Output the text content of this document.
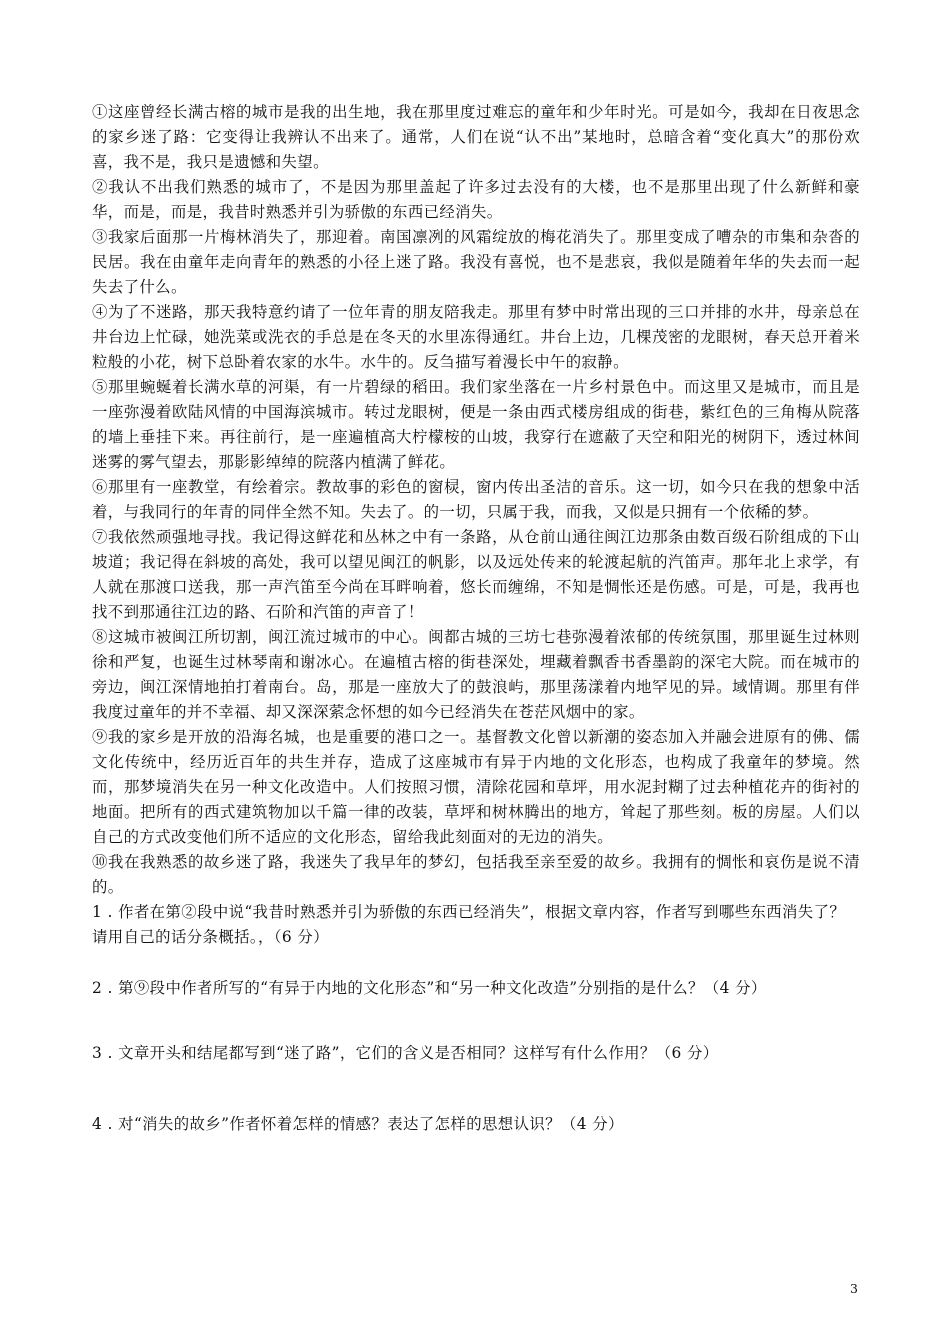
①这座曾经长满古榕的城市是我的出生地，我在那里度过难忘的童年和少年时光。可是如今，我却在日夜思念的家乡迷了路：它变得让我辨认不出来了。通常，人们在说“认不出”某地时，总暗含着“变化真大”的那份欢喜，我不是，我只是遗憾和失望。

②我认不出我们熟悉的城市了，不是因为那里盖起了许多过去没有的大楼，也不是那里出现了什么新鲜和豪华，而是，而是，我昔时熟悉并引为骄傲的东西已经消失。

③我家后面那一片梅林消失了，那迎着。南国凛冽的风霜绽放的梅花消失了。那里变成了嘈杂的市集和杂沓的民居。我在由童年走向青年的熟悉的小径上迷了路。我没有喜悦，也不是悲哀，我似是随着年华的失去而一起失去了什么。

④为了不迷路，那天我特意约请了一位年青的朋友陪我走。那里有梦中时常出现的三口并排的水井，母亲总在井台边上忙碌，她洗菜或洗衣的手总是在冬天的水里冻得通红。井台上边，几棵茂密的龙眼树，春天总开着米粒般的小花，树下总卧着农家的水牛。水牛的。反刍描写着漫长中午的寂静。

⑤那里蜿蜒着长满水草的河渠，有一片碧绿的稻田。我们家坐落在一片乡村景色中。而这里又是城市，而且是一座弥漫着欧陆风情的中国海滨城市。转过龙眼树，便是一条由西式楼房组成的街巷，紫红色的三角梅从院落的墙上垂挂下来。再往前行，是一座遍植高大柠檬桉的山坡，我穿行在遮蔽了天空和阳光的树阴下，透过林间迷雾的雾气望去，那影影绰绰的院落内植满了鲜花。

⑥那里有一座教堂，有绘着宗。教故事的彩色的窗棂，窗内传出圣洁的音乐。这一切，如今只在我的想象中活着，与我同行的年青的同伴全然不知。失去了。的一切，只属于我，而我，又似是只拥有一个依稀的梦。

⑦我依然顽强地寻找。我记得这鲜花和丛林之中有一条路，从仓前山通往闽江边那条由数百级石阶组成的下山坡道；我记得在斜坡的高处，我可以望见闽江的帆影，以及远处传来的轮渡起航的汽笛声。那年北上求学，有人就在那渡口送我，那一声汽笛至今尚在耳畔响着，悠长而缠绵，不知是惆怅还是伤感。可是，可是，我再也找不到那通往江边的路、石阶和汽笛的声音了！

⑧这城市被闽江所切割，闽江流过城市的中心。闽都古城的三坊七巷弥漫着浓郁的传统氛围，那里诞生过林则徐和严复，也诞生过林琴南和谢冰心。在遍植古榕的街巷深处，埋藏着飘香书香墨韵的深宅大院。而在城市的旁边，闽江深情地拍打着南台。岛，那是一座放大了的鼓浪屿，那里荡漾着内地罕见的异。域情调。那里有伴我度过童年的并不幸福、却又深深萦念怀想的如今已经消失在苍茫风烟中的家。

⑨我的家乡是开放的沿海名城，也是重要的港口之一。基督教文化曾以新潮的姿态加入并融会进原有的佛、儒文化传统中，经历近百年的共生并存，造成了这座城市有异于内地的文化形态，也构成了我童年的梦境。然而，那梦境消失在另一种文化改造中。人们按照习惯，清除花园和草坪，用水泥封糊了过去种植花卉的街衬的地面。把所有的西式建筑物加以千篇一律的改装，草坪和树林腾出的地方，耸起了那些刻。板的房屋。人们以自己的方式改变他们所不适应的文化形态，留给我此刻面对的无边的消失。

⑩我在我熟悉的故乡迷了路，我迷失了我早年的梦幻，包括我至亲至爱的故乡。我拥有的惆怅和哀伤是说不清的。

1 . 作者在第②段中说“我昔时熟悉并引为骄傲的东西已经消失”，根据文章内容，作者写到哪些东西消失了？请用自己的话分条概括。，（6 分）

2 . 第⑨段中作者所写的“有异于内地的文化形态”和“另一种文化改造”分别指的是什么？（4 分）

3 . 文章开头和结尾都写到“迷了路”，它们的含义是否相同？这样写有什么作用？（6 分）

4 . 对“消失的故乡”作者怀着怎样的情感？表达了怎样的思想认识？（4 分）

3
